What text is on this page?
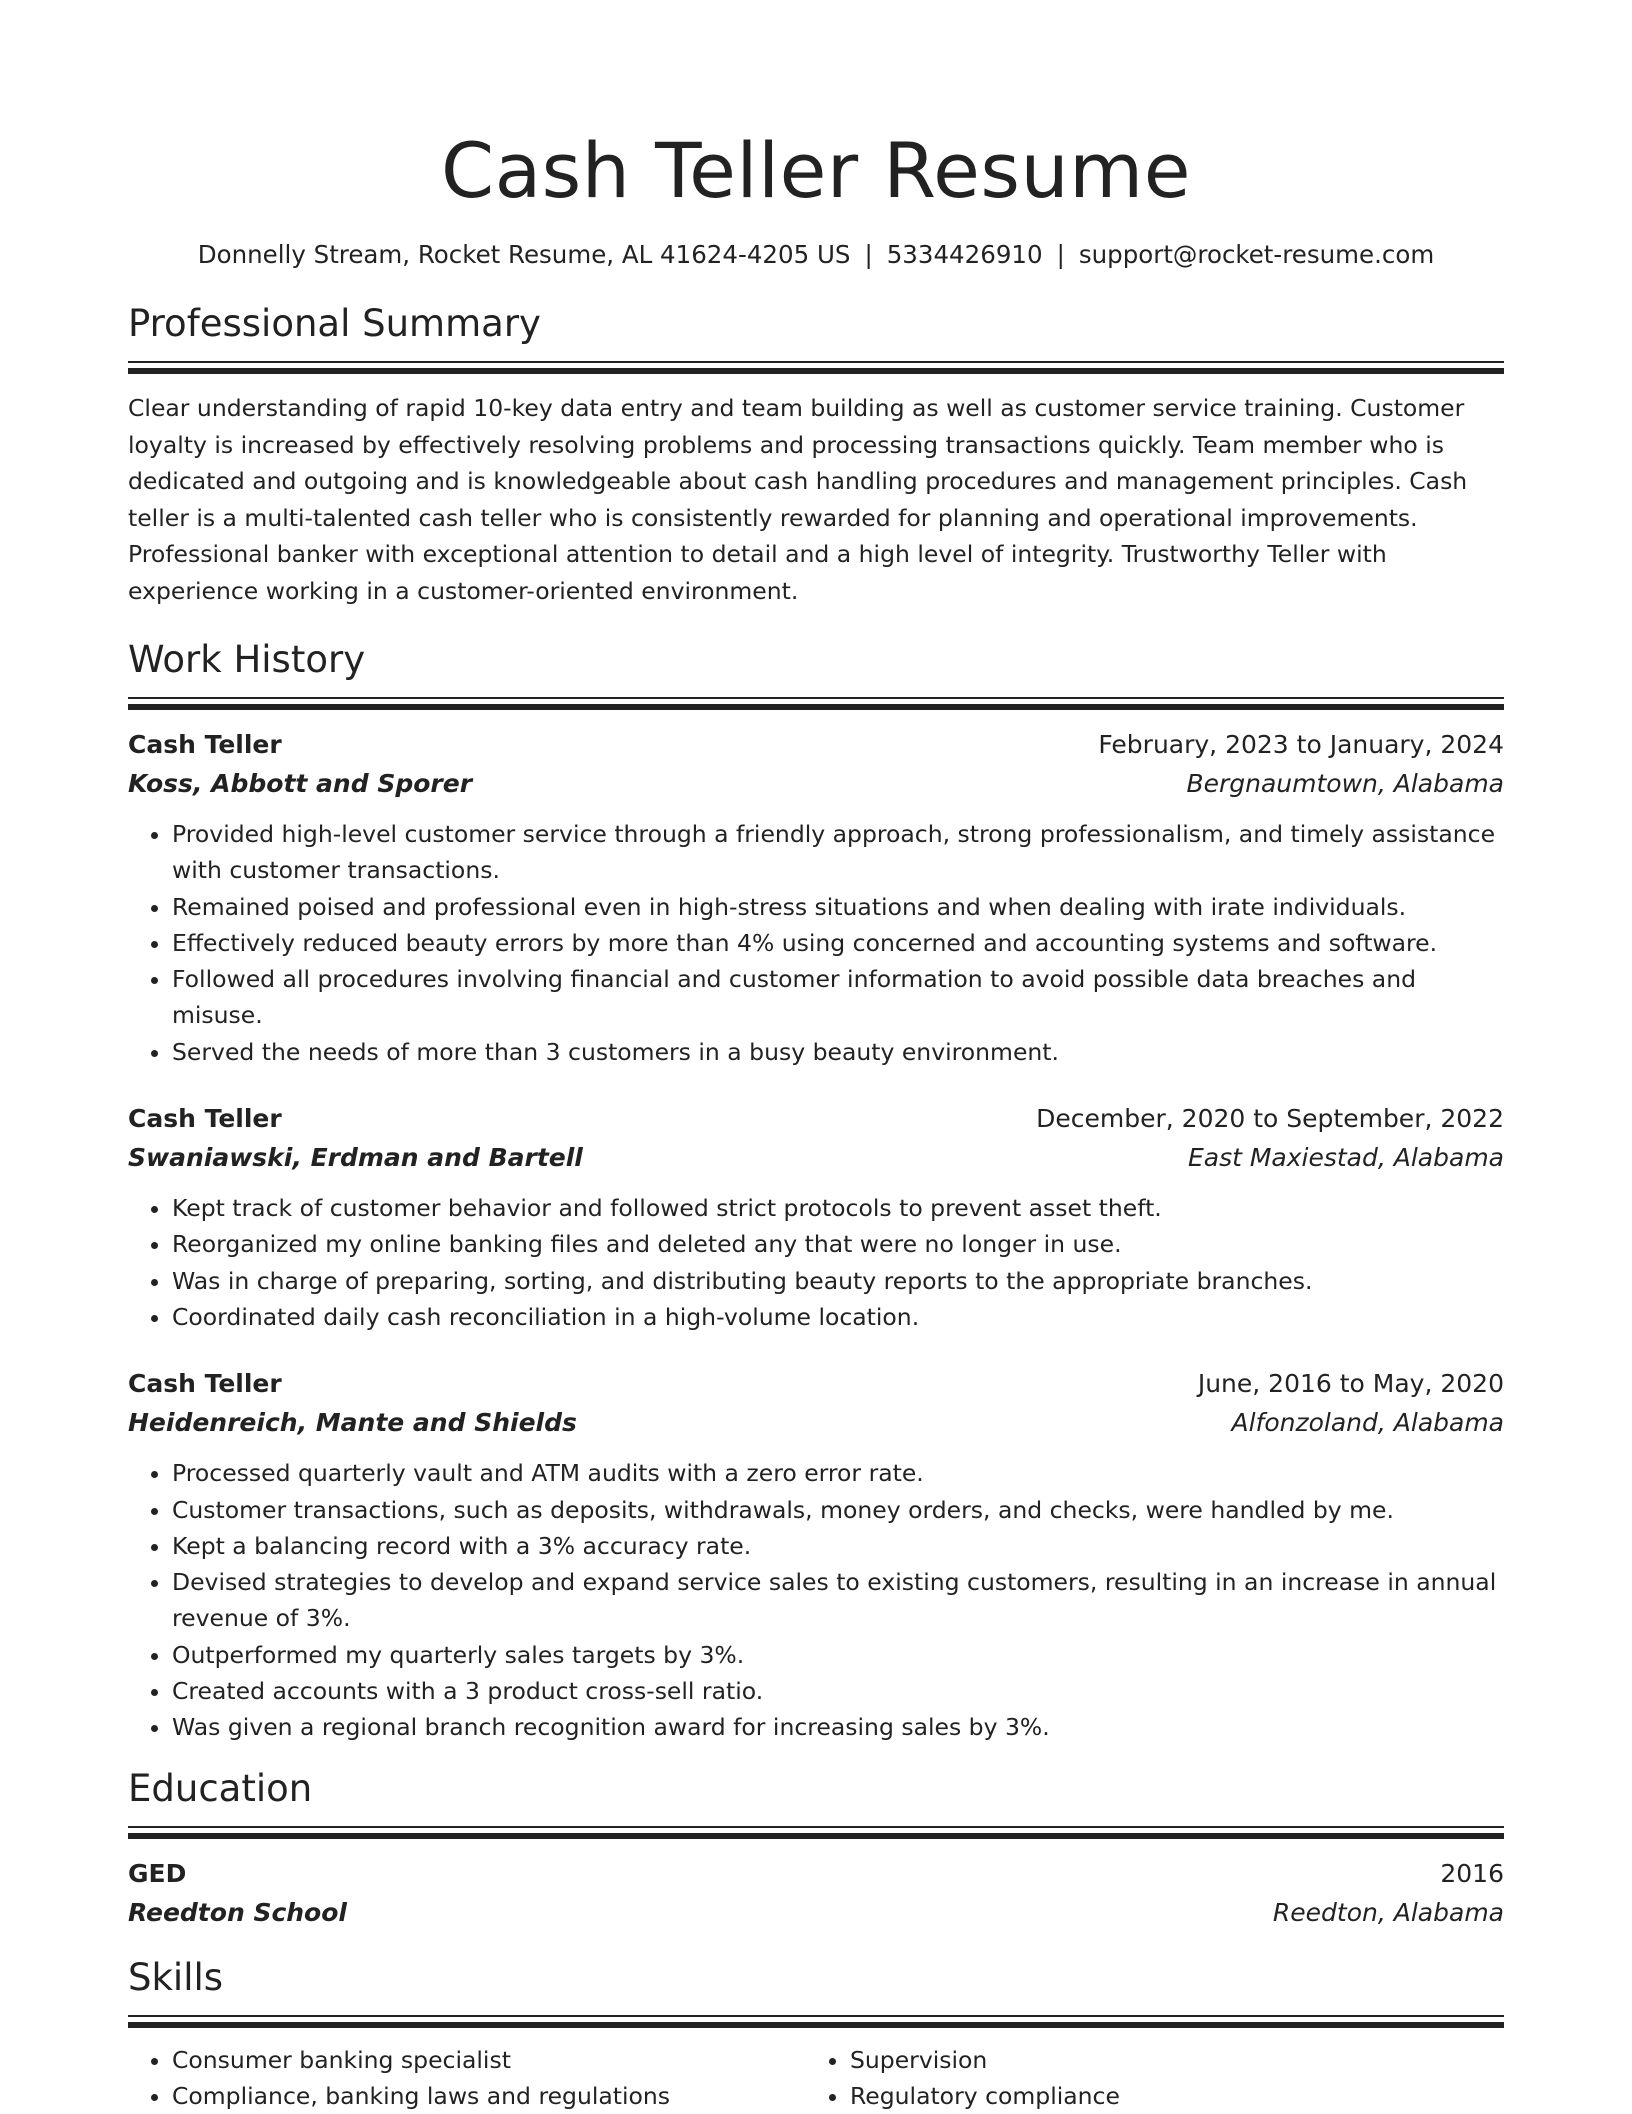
Cash Teller Resume
Donnelly Stream, Rocket Resume, AL 41624-4205 US | 5334426910 | support@rocket-resume.com
Professional Summary
Clear understanding of rapid 10-key data entry and team building as well as customer service training. Customer loyalty is increased by effectively resolving problems and processing transactions quickly. Team member who is dedicated and outgoing and is knowledgeable about cash handling procedures and management principles. Cash teller is a multi-talented cash teller who is consistently rewarded for planning and operational improvements. Professional banker with exceptional attention to detail and a high level of integrity. Trustworthy Teller with experience working in a customer-oriented environment.
Work History
Cash Teller	February, 2023 to January, 2024
Koss, Abbott and Sporer	Bergnaumtown, Alabama
• Provided high-level customer service through a friendly approach, strong professionalism, and timely assistance with customer transactions.
• Remained poised and professional even in high-stress situations and when dealing with irate individuals.
• Effectively reduced beauty errors by more than 4% using concerned and accounting systems and software.
• Followed all procedures involving financial and customer information to avoid possible data breaches and misuse.
• Served the needs of more than 3 customers in a busy beauty environment.
Cash Teller	December, 2020 to September, 2022
Swaniawski, Erdman and Bartell	East Maxiestad, Alabama
• Kept track of customer behavior and followed strict protocols to prevent asset theft.
• Reorganized my online banking files and deleted any that were no longer in use.
• Was in charge of preparing, sorting, and distributing beauty reports to the appropriate branches.
• Coordinated daily cash reconciliation in a high-volume location.
Cash Teller	June, 2016 to May, 2020
Heidenreich, Mante and Shields	Alfonzoland, Alabama
• Processed quarterly vault and ATM audits with a zero error rate.
• Customer transactions, such as deposits, withdrawals, money orders, and checks, were handled by me.
• Kept a balancing record with a 3% accuracy rate.
• Devised strategies to develop and expand service sales to existing customers, resulting in an increase in annual revenue of 3%.
• Outperformed my quarterly sales targets by 3%.
• Created accounts with a 3 product cross-sell ratio.
• Was given a regional branch recognition award for increasing sales by 3%.
Education
GED	2016
Reedton School	Reedton, Alabama
Skills
• Consumer banking specialist
• Compliance, banking laws and regulations
• Supervision
• Regulatory compliance
